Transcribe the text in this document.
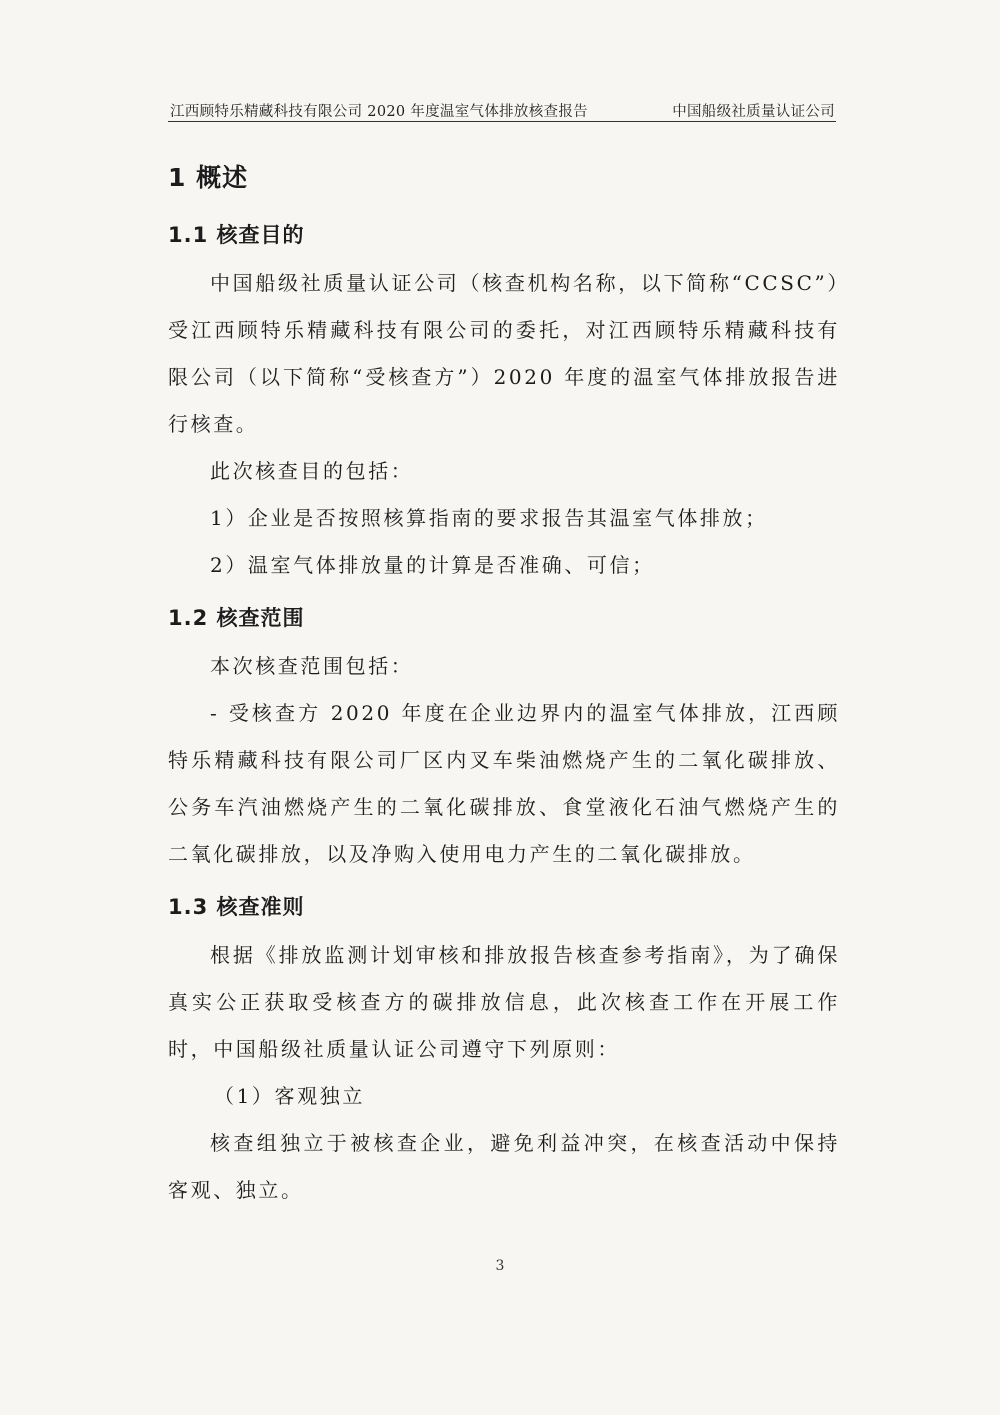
江西顾特乐精藏科技有限公司 2020 年度温室气体排放核查报告	中国船级社质量认证公司
1 概述
1.1 核查目的

中国船级社质量认证公司（核查机构名称，以下简称“CCSC”）受江西顾特乐精藏科技有限公司的委托，对江西顾特乐精藏科技有限公司（以下简称“受核查方”）2020 年度的温室气体排放报告进行核查。

此次核查目的包括：

1）企业是否按照核算指南的要求报告其温室气体排放；

2）温室气体排放量的计算是否准确、可信；

1.2 核查范围

本次核查范围包括：

- 受核查方 2020 年度在企业边界内的温室气体排放，江西顾特乐精藏科技有限公司厂区内叉车柴油燃烧产生的二氧化碳排放、公务车汽油燃烧产生的二氧化碳排放、食堂液化石油气燃烧产生的二氧化碳排放，以及净购入使用电力产生的二氧化碳排放。

1.3 核查准则

根据《排放监测计划审核和排放报告核查参考指南》，为了确保真实公正获取受核查方的碳排放信息，此次核查工作在开展工作时，中国船级社质量认证公司遵守下列原则：

（1）客观独立

核查组独立于被核查企业，避免利益冲突，在核查活动中保持客观、独立。

3
